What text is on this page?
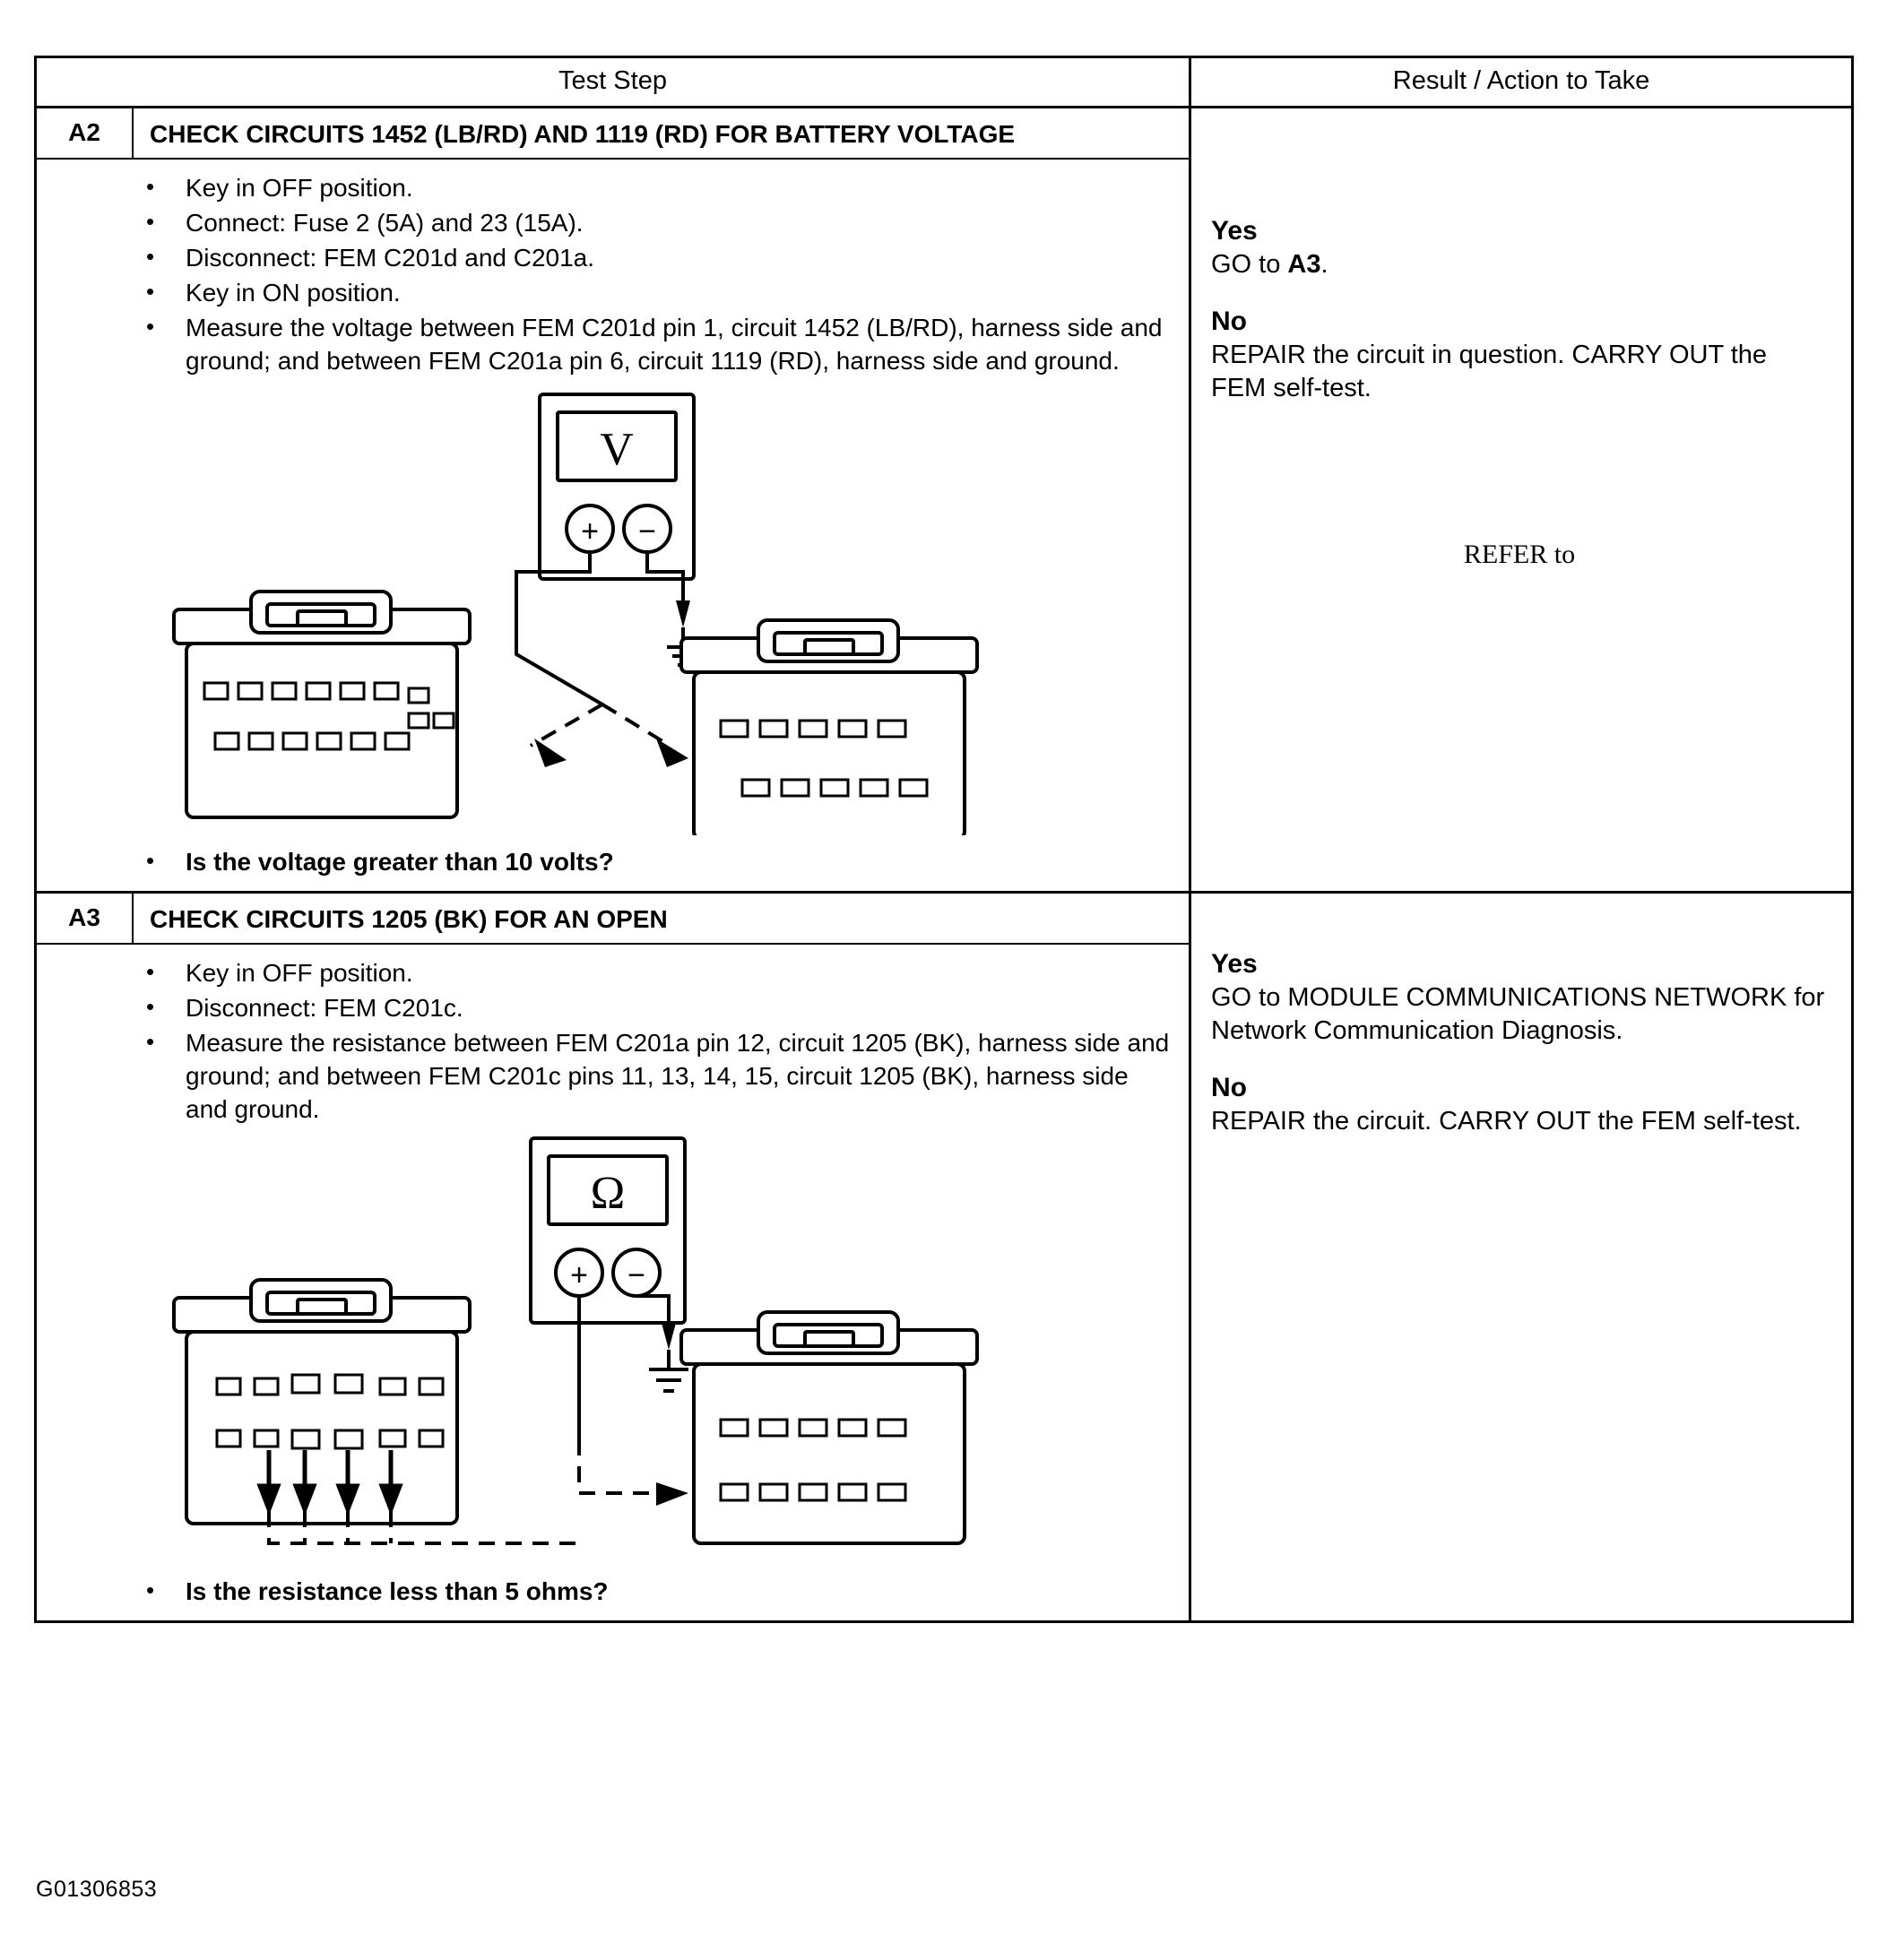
Test Step	Result / Action to Take
A2	CHECK CIRCUITS 1452 (LB/RD) AND 1119 (RD) FOR BATTERY VOLTAGE
• Key in OFF position.
• Connect: Fuse 2 (5A) and 23 (15A).
• Disconnect: FEM C201d and C201a.
• Key in ON position.
• Measure the voltage between FEM C201d pin 1, circuit 1452 (LB/RD), harness side and ground; and between FEM C201a pin 6, circuit 1119 (RD), harness side and ground.
V
+ −
• Is the voltage greater than 10 volts?
Yes
GO to A3.
No
REPAIR the circuit in question. CARRY OUT the FEM self-test.
REFER to
A3	CHECK CIRCUITS 1205 (BK) FOR AN OPEN
• Key in OFF position.
• Disconnect: FEM C201c.
• Measure the resistance between FEM C201a pin 12, circuit 1205 (BK), harness side and ground; and between FEM C201c pins 11, 13, 14, 15, circuit 1205 (BK), harness side and ground.
Ω
+ −
• Is the resistance less than 5 ohms?
Yes
GO to MODULE COMMUNICATIONS NETWORK for Network Communication Diagnosis.
No
REPAIR the circuit. CARRY OUT the FEM self-test.
G01306853
